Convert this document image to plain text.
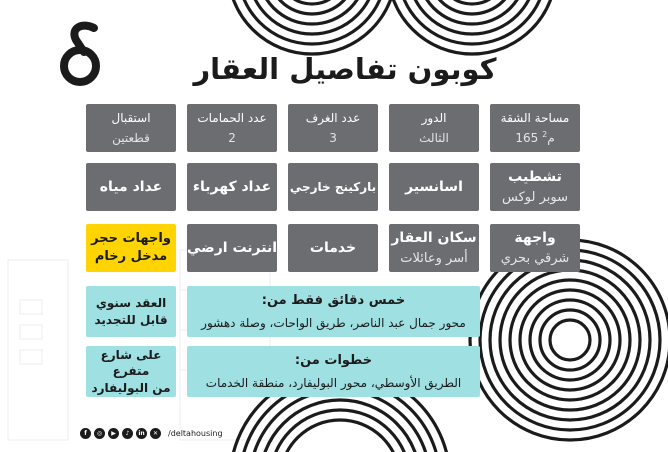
كوبون تفاصيل العقار
مساحة الشقة
165 م$^2$
الدور
الثالث
عدد الغرف
3
عدد الحمامات
2
استقبال
قطعتين
تشطيب
سوبر لوكس
اسانسير
باركينج خارجي
عداد كهرباء
عداد مياه
واجهة
شرقي بحري
سكان العقار
أسر وعائلات
خدمات
انترنت ارضي
واجهات حجر
مدخل رخام
خمس دقائق فقط من:
محور جمال عبد الناصر، طريق الواحات، وصلة دهشور
العقد سنوي
قابل للتجديد
خطوات من:
الطريق الأوسطي، محور البوليفارد، منطقة الخدمات
على شارع متفرع
من البوليفارد
f	◎	▶	♪	in	✕	/deltahousing
